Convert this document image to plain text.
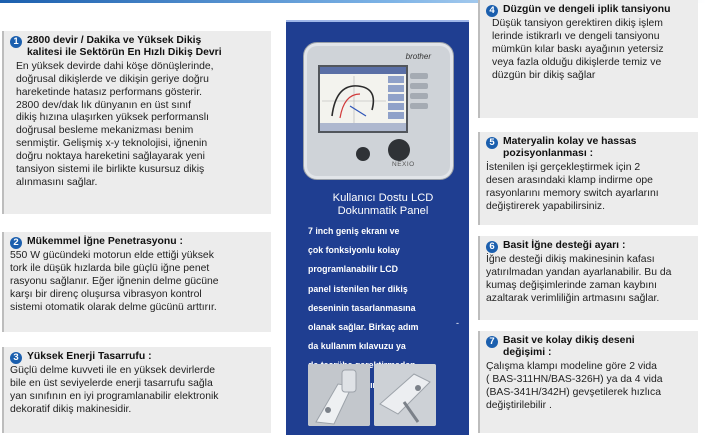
1 2800 devir / Dakika ve Yüksek Dikiş
kalitesi ile Sektörün En Hızlı Dikiş Devri
En yüksek devirde dahi köşe dönüşlerinde,
doğrusal dikişlerde ve dikişin geriye doğru
hareketinde hatasız performans gösterir.
2800 dev/dak lık dünyanın en üst sınıf
dikiş hızına ulaşırken yüksek performanslı
doğrusal besleme mekanizması benim
senmiştir. Gelişmiş x-y teknolojisi, iğnenin
doğru noktaya hareketini sağlayarak yeni
tansiyon sistemi ile birlikte kusursuz dikiş
alınmasını sağlar.
2 Mükemmel İğne Penetrasyonu :
550 W gücündeki motorun elde ettiği yüksek
tork ile düşük hızlarda bile güçlü iğne penet
rasyonu sağlanır. Eğer iğnenin delme gücüne
karşı bir direnç oluşursa vibrasyon kontrol
sistemi otomatik olarak delme gücünü arttırır.
3 Yüksek Enerji Tasarrufu :
Güçlü delme kuvveti ile en yüksek devirlerde
bile en üst seviyelerde enerji tasarrufu sağla
yan sınıfının en iyi programlanabilir elektronik
dekoratif dikiş makinesidir.
brother
NEXIO
Kullanıcı Dostu LCD
Dokunmatik Panel
7 inch geniş ekranı ve
çok fonksiyonlu kolay
programlanabilir LCD
panel istenilen her dikiş
deseninin tasarlanmasına
olanak sağlar. Birkaç adım
da kullanım kılavuzu ya
-
4 Düzgün ve dengeli iplik tansiyonu
Düşük tansiyon gerektiren dikiş işlem
lerinde istikrarlı ve dengeli tansiyonu
mümkün kılar baskı ayağının yetersiz
veya fazla olduğu dikişlerde temiz ve
düzgün bir dikiş sağlar
5 Materyalin kolay ve hassas
pozisyonlanması :
İstenilen işi gerçekleştirmek için 2
desen arasındaki klamp indirme ope
rasyonlarını memory switch ayarlarını
değiştirerek yapabilirsiniz.
6 Basit İğne desteği ayarı :
İğne desteği dikiş makinesinin kafası
yatırılmadan yandan ayarlanabilir. Bu da
kumaş değişimlerinde zaman kaybını
azaltarak verimliliğin artmasını sağlar.
7 Basit ve kolay dikiş deseni
değişimi :
Çalışma klampı modeline göre 2 vida
( BAS-311HN/BAS-326H) ya da 4 vida
(BAS-341H/342H) gevşetilerek hızlıca
değiştirilebilir .
